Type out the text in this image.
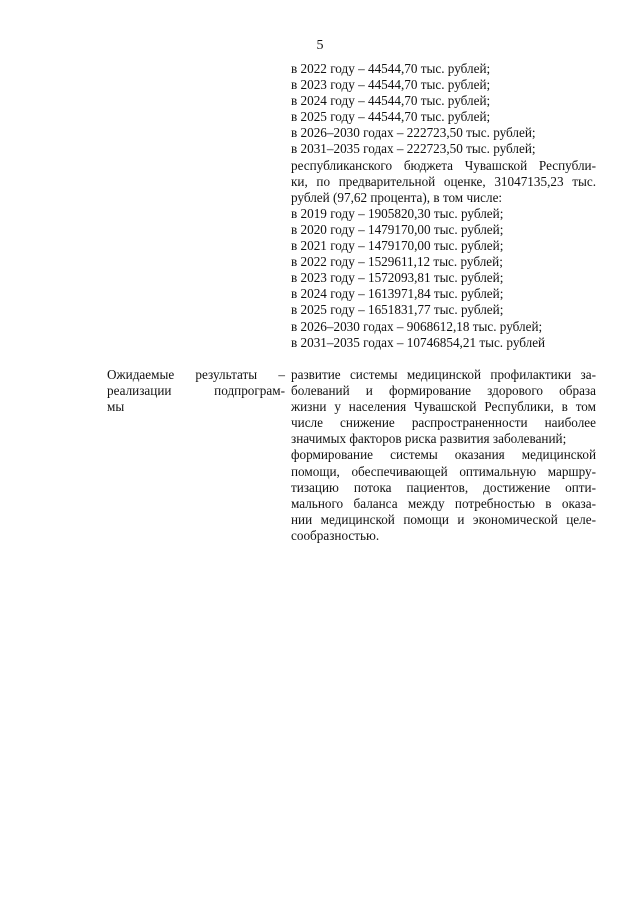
5
в 2022 году – 44544,70 тыс. рублей;
в 2023 году – 44544,70 тыс. рублей;
в 2024 году – 44544,70 тыс. рублей;
в 2025 году – 44544,70 тыс. рублей;
в 2026–2030 годах – 222723,50 тыс. рублей;
в 2031–2035 годах – 222723,50 тыс. рублей;
республиканского бюджета Чувашской Республи-
ки, по предварительной оценке, 31047135,23 тыс.
рублей (97,62 процента), в том числе:
в 2019 году – 1905820,30 тыс. рублей;
в 2020 году – 1479170,00 тыс. рублей;
в 2021 году – 1479170,00 тыс. рублей;
в 2022 году – 1529611,12 тыс. рублей;
в 2023 году – 1572093,81 тыс. рублей;
в 2024 году – 1613971,84 тыс. рублей;
в 2025 году – 1651831,77 тыс. рублей;
в 2026–2030 годах – 9068612,18 тыс. рублей;
в 2031–2035 годах – 10746854,21 тыс. рублей
Ожидаемые результаты –
реализации подпрограм-
мы
развитие системы медицинской профилактики за-
болеваний и формирование здорового образа
жизни у населения Чувашской Республики, в том
числе снижение распространенности наиболее
значимых факторов риска развития заболеваний;
формирование системы оказания медицинской
помощи, обеспечивающей оптимальную маршру-
тизацию потока пациентов, достижение опти-
мального баланса между потребностью в оказа-
нии медицинской помощи и экономической целе-
сообразностью.
